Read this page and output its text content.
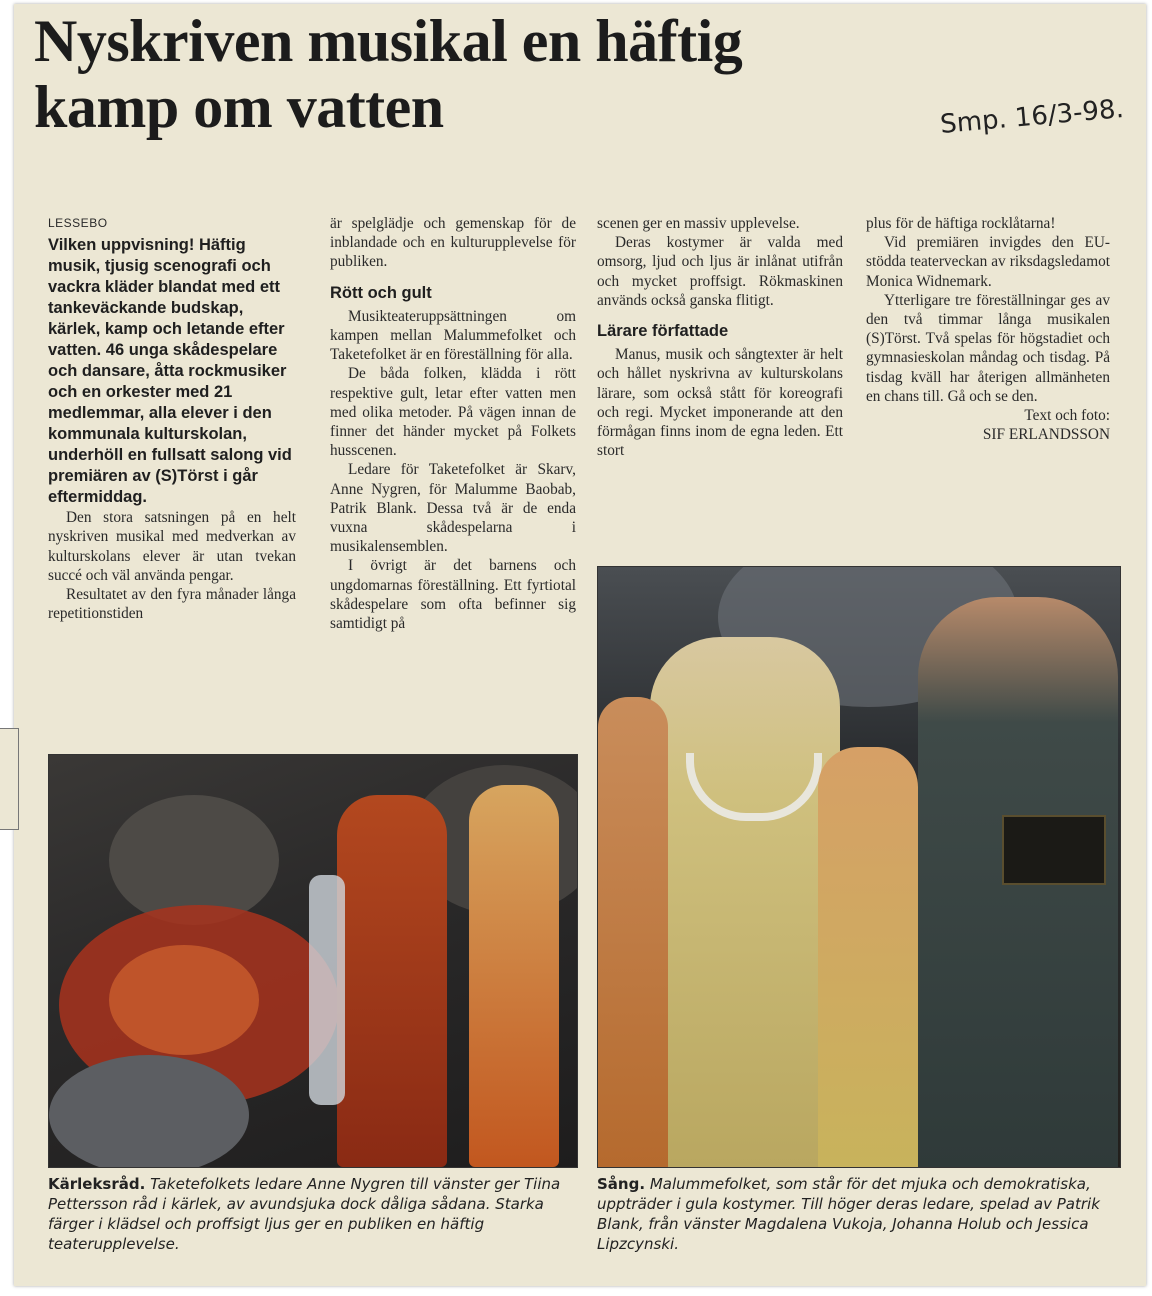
Nyskriven musikal en häftig
kamp om vatten	Smp. 16/3-98.
LESSEBO

Vilken uppvisning! Häftig musik, tjusig scenografi och vackra kläder blandat med ett tankeväckande budskap, kärlek, kamp och letande efter vatten. 46 unga skådespelare och dansare, åtta rockmusiker och en orkester med 21 medlemmar, alla elever i den kommunala kulturskolan, underhöll en fullsatt salong vid premiären av (S)Törst i går eftermiddag.

Den stora satsningen på en helt nyskriven musikal med medverkan av kulturskolans elever är utan tvekan succé och väl använda pengar.

Resultatet av den fyra månader långa repetitionstiden

är spelglädje och gemenskap för de inblandade och en kulturupplevelse för publiken.

Rött och gult

Musikteateruppsättningen om kampen mellan Malummefolket och Taketefolket är en föreställning för alla.

De båda folken, klädda i rött respektive gult, letar efter vatten men med olika metoder. På vägen innan de finner det händer mycket på Folkets husscenen.

Ledare för Taketefolket är Skarv, Anne Nygren, för Malumme Baobab, Patrik Blank. Dessa två är de enda vuxna skådespelarna i musikalensemblen.

I övrigt är det barnens och ungdomarnas föreställning. Ett fyrtiotal skådespelare som ofta befinner sig samtidigt på

scenen ger en massiv upplevelse.

Deras kostymer är valda med omsorg, ljud och ljus är inlånat utifrån och mycket proffsigt. Rökmaskinen används också ganska flitigt.

Lärare författade

Manus, musik och sångtexter är helt och hållet nyskrivna av kulturskolans lärare, som också stått för koreografi och regi. Mycket imponerande att den förmågan finns inom de egna leden. Ett stort

plus för de häftiga rocklåtarna!

Vid premiären invigdes den EU-stödda teaterveckan av riksdagsledamot Monica Widnemark.

Ytterligare tre föreställningar ges av den två timmar långa musikalen (S)Törst. Två spelas för högstadiet och gymnasieskolan måndag och tisdag. På tisdag kväll har återigen allmänheten en chans till. Gå och se den.

Text och foto:

SIF ERLANDSSON

Kärleksråd. Taketefolkets ledare Anne Nygren till vänster ger Tiina Pettersson råd i kärlek, av avundsjuka dock dåliga sådana. Starka färger i klädsel och proffsigt ljus ger en publiken en häftig teaterupplevelse.
Sång. Malummefolket, som står för det mjuka och demokratiska, uppträder i gula kostymer. Till höger deras ledare, spelad av Patrik Blank, från vänster Magdalena Vukoja, Johanna Holub och Jessica Lipzcynski.
